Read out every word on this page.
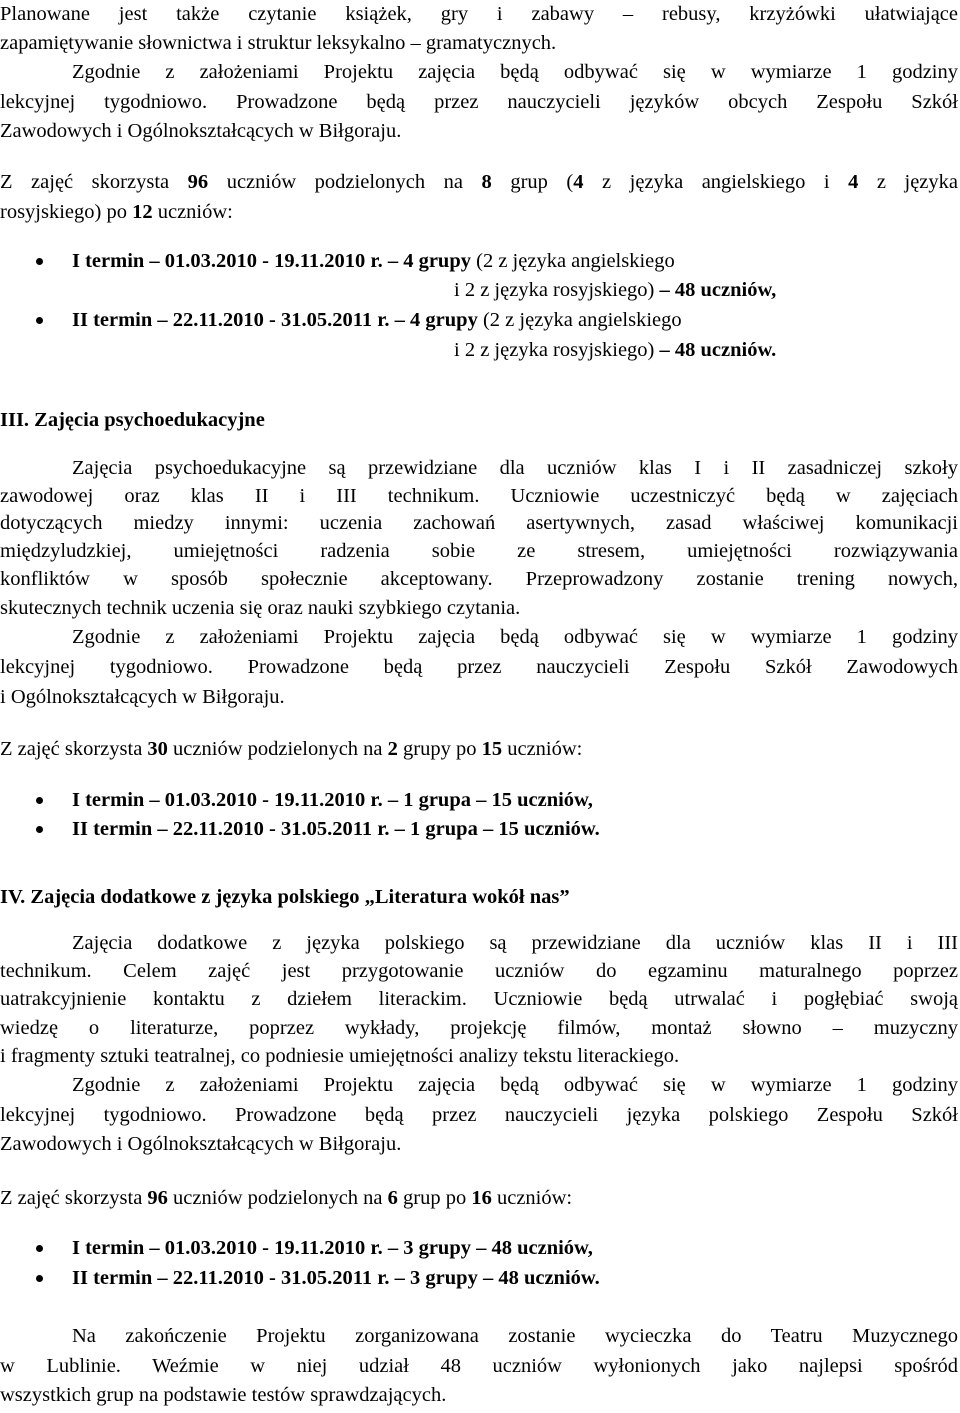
Planowane jest także czytanie książek, gry i zabawy – rebusy, krzyżówki ułatwiające
zapamiętywanie słownictwa i struktur leksykalno – gramatycznych.
Zgodnie z założeniami Projektu zajęcia będą odbywać się w wymiarze 1 godziny
lekcyjnej tygodniowo. Prowadzone będą przez nauczycieli języków obcych Zespołu Szkół
Zawodowych i Ogólnokształcących w Biłgoraju.
Z zajęć skorzysta 96 uczniów podzielonych na 8 grup (4 z języka angielskiego i 4 z języka
rosyjskiego) po 12 uczniów:
I termin – 01.03.2010 - 19.11.2010 r. – 4 grupy (2 z języka angielskiego
i 2 z języka rosyjskiego) – 48 uczniów,
II termin – 22.11.2010 - 31.05.2011 r. – 4 grupy (2 z języka angielskiego
i 2 z języka rosyjskiego) – 48 uczniów.
III. Zajęcia psychoedukacyjne
Zajęcia psychoedukacyjne są przewidziane dla uczniów klas I i II zasadniczej szkoły
zawodowej oraz klas II i III technikum. Uczniowie uczestniczyć będą w zajęciach
dotyczących miedzy innymi: uczenia zachowań asertywnych, zasad właściwej komunikacji
międzyludzkiej, umiejętności radzenia sobie ze stresem, umiejętności rozwiązywania
konfliktów w sposób społecznie akceptowany. Przeprowadzony zostanie trening nowych,
skutecznych technik uczenia się oraz nauki szybkiego czytania.
Zgodnie z założeniami Projektu zajęcia będą odbywać się w wymiarze 1 godziny
lekcyjnej tygodniowo. Prowadzone będą przez nauczycieli Zespołu Szkół Zawodowych
i Ogólnokształcących w Biłgoraju.
Z zajęć skorzysta 30 uczniów podzielonych na 2 grupy po 15 uczniów:
I termin – 01.03.2010 - 19.11.2010 r. – 1 grupa – 15 uczniów,
II termin – 22.11.2010 - 31.05.2011 r. – 1 grupa – 15 uczniów.
IV. Zajęcia dodatkowe z języka polskiego „Literatura wokół nas”
Zajęcia dodatkowe z języka polskiego są przewidziane dla uczniów klas II i III
technikum. Celem zajęć jest przygotowanie uczniów do egzaminu maturalnego poprzez
uatrakcyjnienie kontaktu z dziełem literackim. Uczniowie będą utrwalać i pogłębiać swoją
wiedzę o literaturze, poprzez wykłady, projekcję filmów, montaż słowno – muzyczny
i fragmenty sztuki teatralnej, co podniesie umiejętności analizy tekstu literackiego.
Zgodnie z założeniami Projektu zajęcia będą odbywać się w wymiarze 1 godziny
lekcyjnej tygodniowo. Prowadzone będą przez nauczycieli języka polskiego Zespołu Szkół
Zawodowych i Ogólnokształcących w Biłgoraju.
Z zajęć skorzysta 96 uczniów podzielonych na 6 grup po 16 uczniów:
I termin – 01.03.2010 - 19.11.2010 r. – 3 grupy – 48 uczniów,
II termin – 22.11.2010 - 31.05.2011 r. – 3 grupy – 48 uczniów.
Na zakończenie Projektu zorganizowana zostanie wycieczka do Teatru Muzycznego
w Lublinie. Weźmie w niej udział 48 uczniów wyłonionych jako najlepsi spośród
wszystkich grup na podstawie testów sprawdzających.
